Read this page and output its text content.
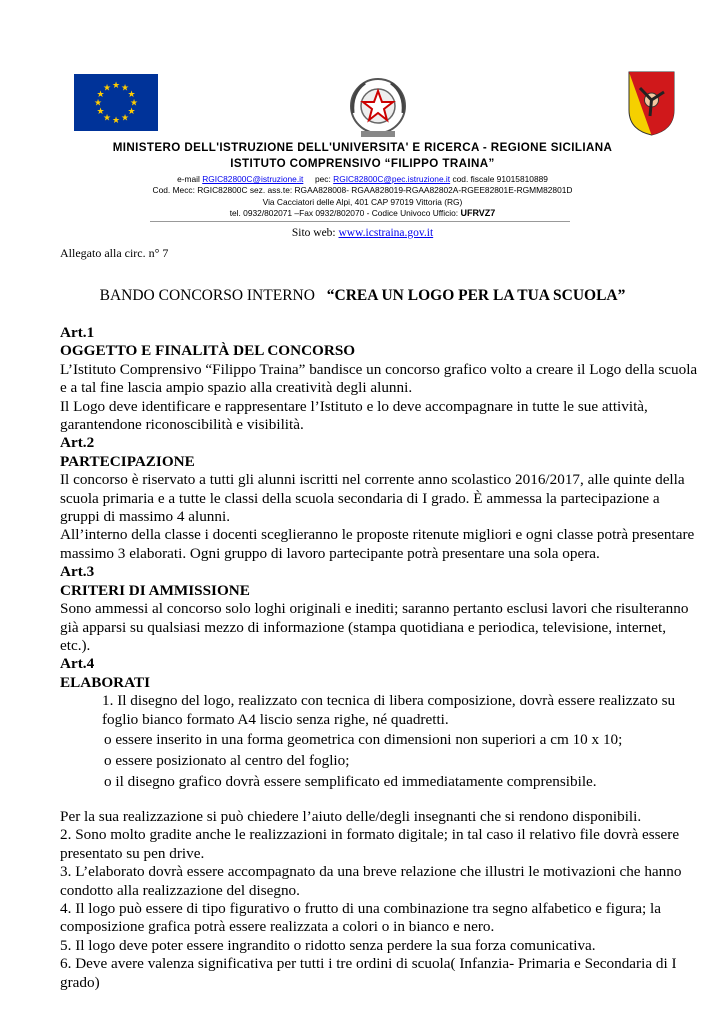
★ ★
★
★
★
★
★
★
★
★
★
★
MINISTERO DELL'ISTRUZIONE DELL'UNIVERSITA' E RICERCA - REGIONE SICILIANA
ISTITUTO COMPRENSIVO “FILIPPO TRAINA”
e-mail RGIC82800C@istruzione.it pec: RGIC82800C@pec.istruzione.it cod. fiscale 91015810889
Cod. Mecc: RGIC82800C sez. ass.te: RGAA828008- RGAA828019-RGAA82802A-RGEE82801E-RGMM82801D
Via Cacciatori delle Alpi, 401 CAP 97019 Vittoria (RG)
tel. 0932/802071 –Fax 0932/802070 - Codice Univoco Ufficio: UFRVZ7
Sito web: www.icstraina.gov.it
Allegato alla circ. n° 7
BANDO CONCORSO INTERNO “CREA UN LOGO PER LA TUA SCUOLA”
Art.1
OGGETTO E FINALITÀ DEL CONCORSO

L’Istituto Comprensivo “Filippo Traina” bandisce un concorso grafico volto a creare il Logo della scuola e a tal fine lascia ampio spazio alla creatività degli alunni.

Il Logo deve identificare e rappresentare l’Istituto e lo deve accompagnare in tutte le sue attività, garantendone riconoscibilità e visibilità.

Art.2
PARTECIPAZIONE

Il concorso è riservato a tutti gli alunni iscritti nel corrente anno scolastico 2016/2017, alle quinte della scuola primaria e a tutte le classi della scuola secondaria di I grado. È ammessa la partecipazione a gruppi di massimo 4 alunni.

All’interno della classe i docenti sceglieranno le proposte ritenute migliori e ogni classe potrà presentare massimo 3 elaborati. Ogni gruppo di lavoro partecipante potrà presentare una sola opera.

Art.3
CRITERI DI AMMISSIONE

Sono ammessi al concorso solo loghi originali e inediti; saranno pertanto esclusi lavori che risulteranno già apparsi su qualsiasi mezzo di informazione (stampa quotidiana e periodica, televisione, internet, etc.).

Art.4
ELABORATI

1. Il disegno del logo, realizzato con tecnica di libera composizione, dovrà essere realizzato su foglio bianco formato A4 liscio senza righe, né quadretti.

o essere inserito in una forma geometrica con dimensioni non superiori a cm 10 x 10;

o essere posizionato al centro del foglio;

o il disegno grafico dovrà essere semplificato ed immediatamente comprensibile.

Per la sua realizzazione si può chiedere l’aiuto delle/degli insegnanti che si rendono disponibili.

2. Sono molto gradite anche le realizzazioni in formato digitale; in tal caso il relativo file dovrà essere presentato su pen drive.

3. L’elaborato dovrà essere accompagnato da una breve relazione che illustri le motivazioni che hanno condotto alla realizzazione del disegno.

4. Il logo può essere di tipo figurativo o frutto di una combinazione tra segno alfabetico e figura; la composizione grafica potrà essere realizzata a colori o in bianco e nero.

5. Il logo deve poter essere ingrandito o ridotto senza perdere la sua forza comunicativa.

6. Deve avere valenza significativa per tutti i tre ordini di scuola( Infanzia- Primaria e Secondaria di I grado)
